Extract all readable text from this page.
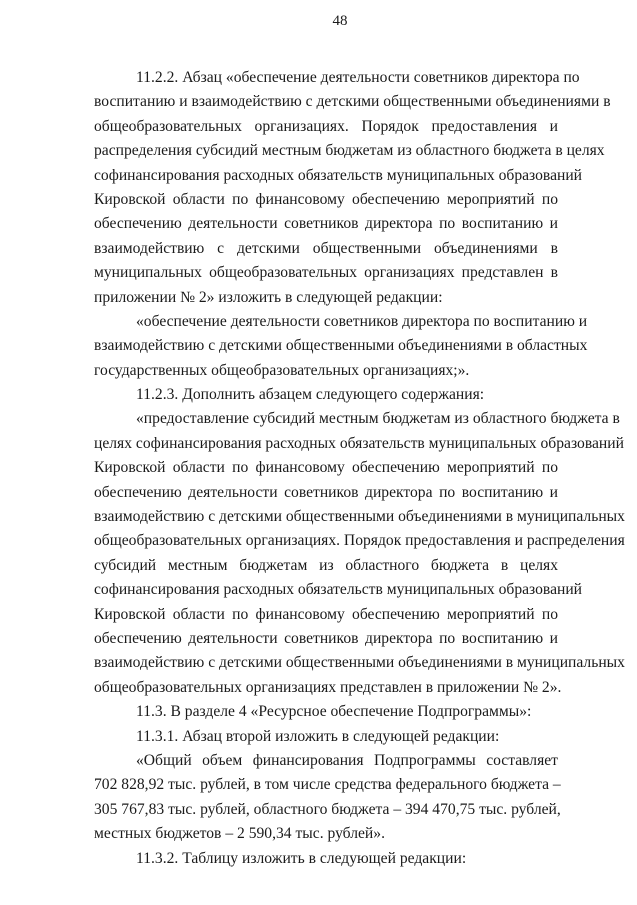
48
11.2.2. Абзац «обеспечение деятельности советников директора по
воспитанию и взаимодействию с детскими общественными объединениями в
общеобразовательных организациях. Порядок предоставления и
распределения субсидий местным бюджетам из областного бюджета в целях
софинансирования расходных обязательств муниципальных образований
Кировской области по финансовому обеспечению мероприятий по
обеспечению деятельности советников директора по воспитанию и
взаимодействию с детскими общественными объединениями в
муниципальных общеобразовательных организациях представлен в
приложении № 2» изложить в следующей редакции:
«обеспечение деятельности советников директора по воспитанию и
взаимодействию с детскими общественными объединениями в областных
государственных общеобразовательных организациях;».
11.2.3. Дополнить абзацем следующего содержания:
«предоставление субсидий местным бюджетам из областного бюджета в
целях софинансирования расходных обязательств муниципальных образований
Кировской области по финансовому обеспечению мероприятий по
обеспечению деятельности советников директора по воспитанию и
взаимодействию с детскими общественными объединениями в муниципальных
общеобразовательных организациях. Порядок предоставления и распределения
субсидий местным бюджетам из областного бюджета в целях
софинансирования расходных обязательств муниципальных образований
Кировской области по финансовому обеспечению мероприятий по
обеспечению деятельности советников директора по воспитанию и
взаимодействию с детскими общественными объединениями в муниципальных
общеобразовательных организациях представлен в приложении № 2».
11.3. В разделе 4 «Ресурсное обеспечение Подпрограммы»:
11.3.1. Абзац второй изложить в следующей редакции:
«Общий объем финансирования Подпрограммы составляет
702 828,92 тыс. рублей, в том числе средства федерального бюджета –
305 767,83 тыс. рублей, областного бюджета – 394 470,75 тыс. рублей,
местных бюджетов – 2 590,34 тыс. рублей».
11.3.2. Таблицу изложить в следующей редакции:
